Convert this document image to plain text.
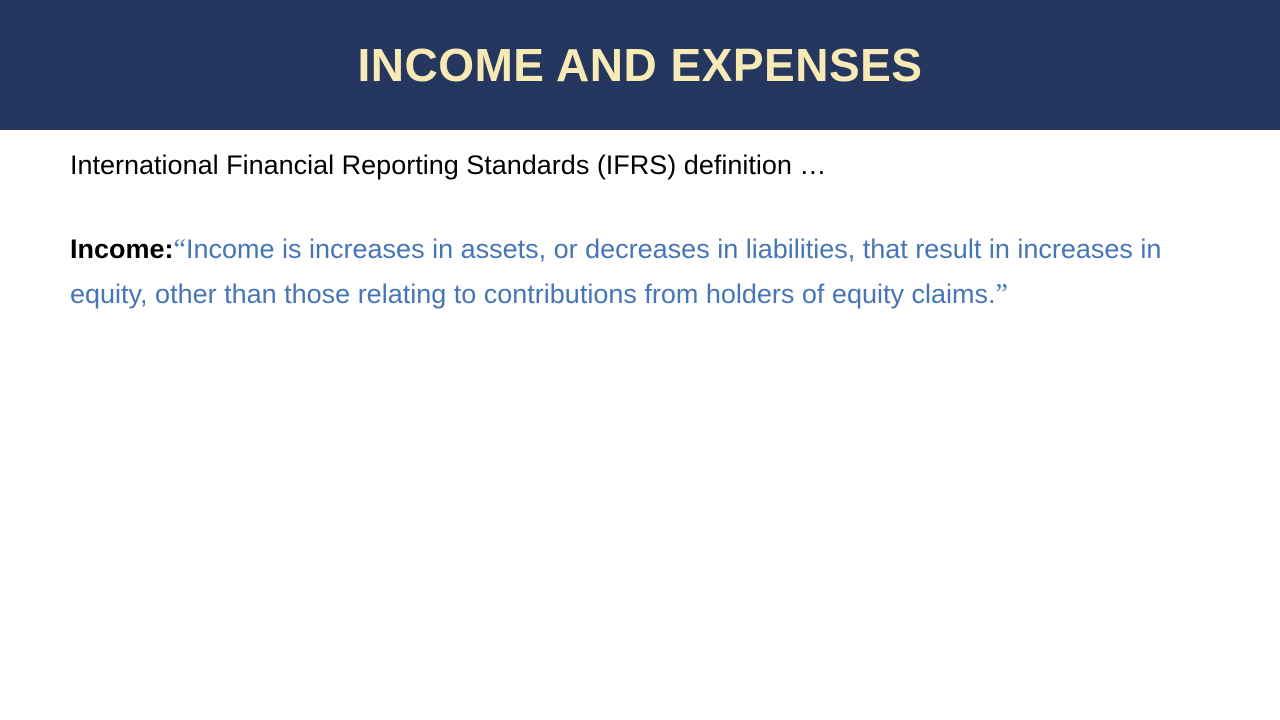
INCOME AND EXPENSES
International Financial Reporting Standards (IFRS) definition …
Income:“Income is increases in assets, or decreases in liabilities, that result in increases in equity, other than those relating to contributions from holders of equity claims.”
